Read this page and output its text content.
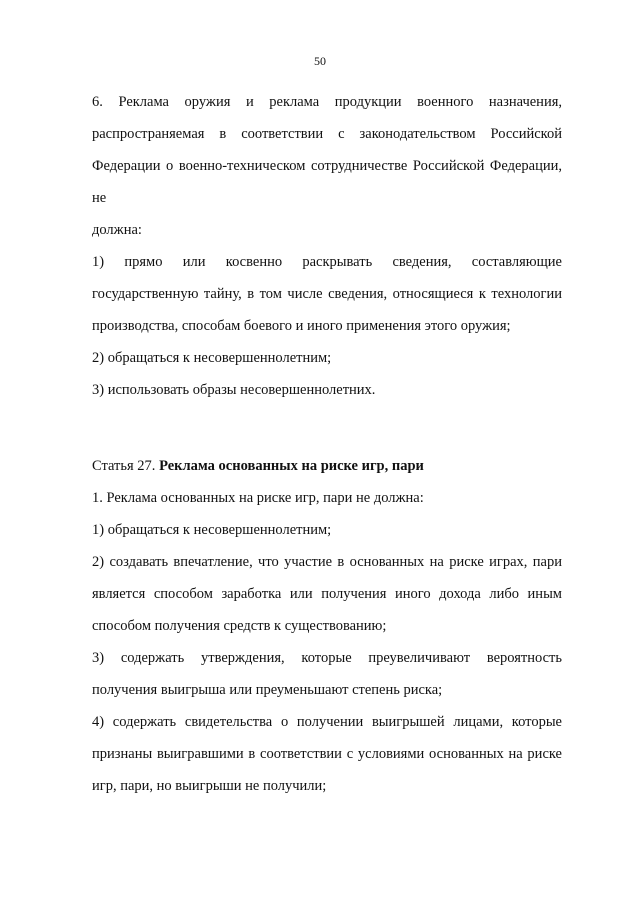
50
6. Реклама оружия и реклама продукции военного назначения,
распространяемая в соответствии с законодательством Российской
Федерации о военно-техническом сотрудничестве Российской Федерации, не
должна:
1) прямо или косвенно раскрывать сведения, составляющие
государственную тайну, в том числе сведения, относящиеся к технологии
производства, способам боевого и иного применения этого оружия;
2) обращаться к несовершеннолетним;
3) использовать образы несовершеннолетних.
Статья 27. Реклама основанных на риске игр, пари
1. Реклама основанных на риске игр, пари не должна:
1) обращаться к несовершеннолетним;
2) создавать впечатление, что участие в основанных на риске играх, пари
является способом заработка или получения иного дохода либо иным
способом получения средств к существованию;
3) содержать утверждения, которые преувеличивают вероятность
получения выигрыша или преуменьшают степень риска;
4) содержать свидетельства о получении выигрышей лицами, которые
признаны выигравшими в соответствии с условиями основанных на риске
игр, пари, но выигрыши не получили;
